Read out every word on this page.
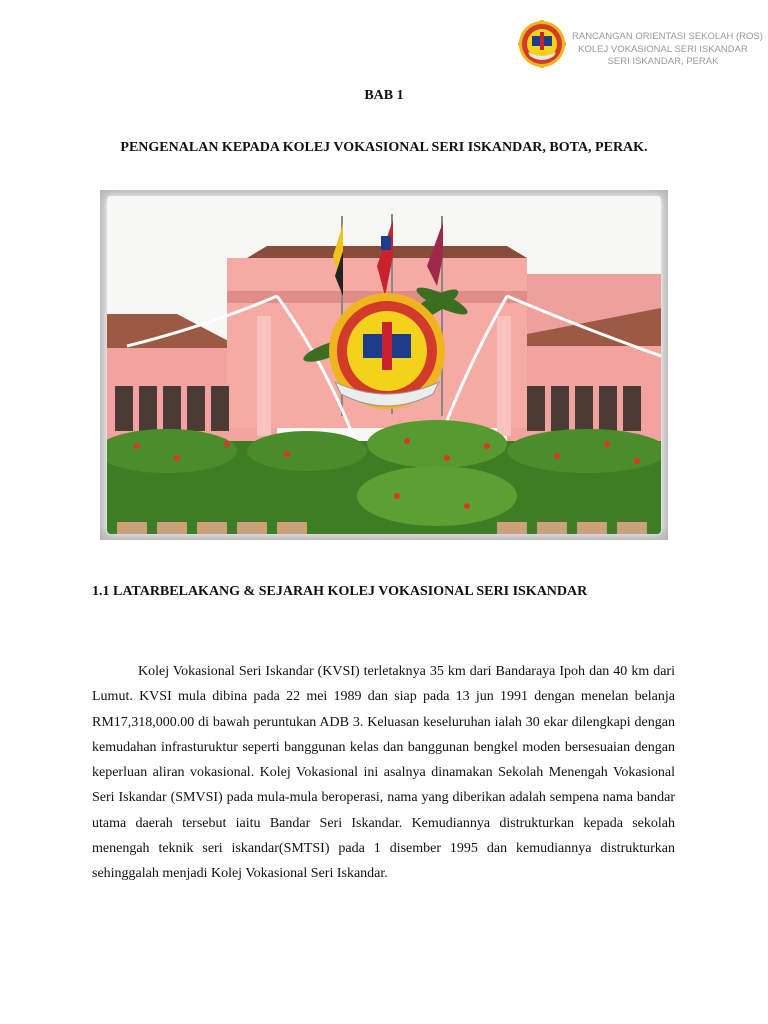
RANCANGAN ORIENTASI SEKOLAH (ROS)
KOLEJ VOKASIONAL SERI ISKANDAR
SERI ISKANDAR, PERAK
BAB 1
PENGENALAN KEPADA KOLEJ VOKASIONAL SERI ISKANDAR, BOTA, PERAK.
1.1 LATARBELAKANG & SEJARAH KOLEJ VOKASIONAL SERI ISKANDAR

Kolej Vokasional Seri Iskandar (KVSI) terletaknya 35 km dari Bandaraya Ipoh dan 40 km dari Lumut. KVSI mula dibina pada 22 mei 1989 dan siap pada 13 jun 1991 dengan menelan belanja RM17,318,000.00 di bawah peruntukan ADB 3. Keluasan keseluruhan ialah 30 ekar dilengkapi dengan kemudahan infrasturuktur seperti banggunan kelas dan banggunan bengkel moden bersesuaian dengan keperluan aliran vokasional. Kolej Vokasional ini asalnya dinamakan Sekolah Menengah Vokasional Seri Iskandar (SMVSI) pada mula-mula beroperasi, nama yang diberikan adalah sempena nama bandar utama daerah tersebut iaitu Bandar Seri Iskandar. Kemudiannya distrukturkan kepada sekolah menengah teknik seri iskandar(SMTSI) pada 1 disember 1995 dan kemudiannya distrukturkan sehinggalah menjadi Kolej Vokasional Seri Iskandar.
